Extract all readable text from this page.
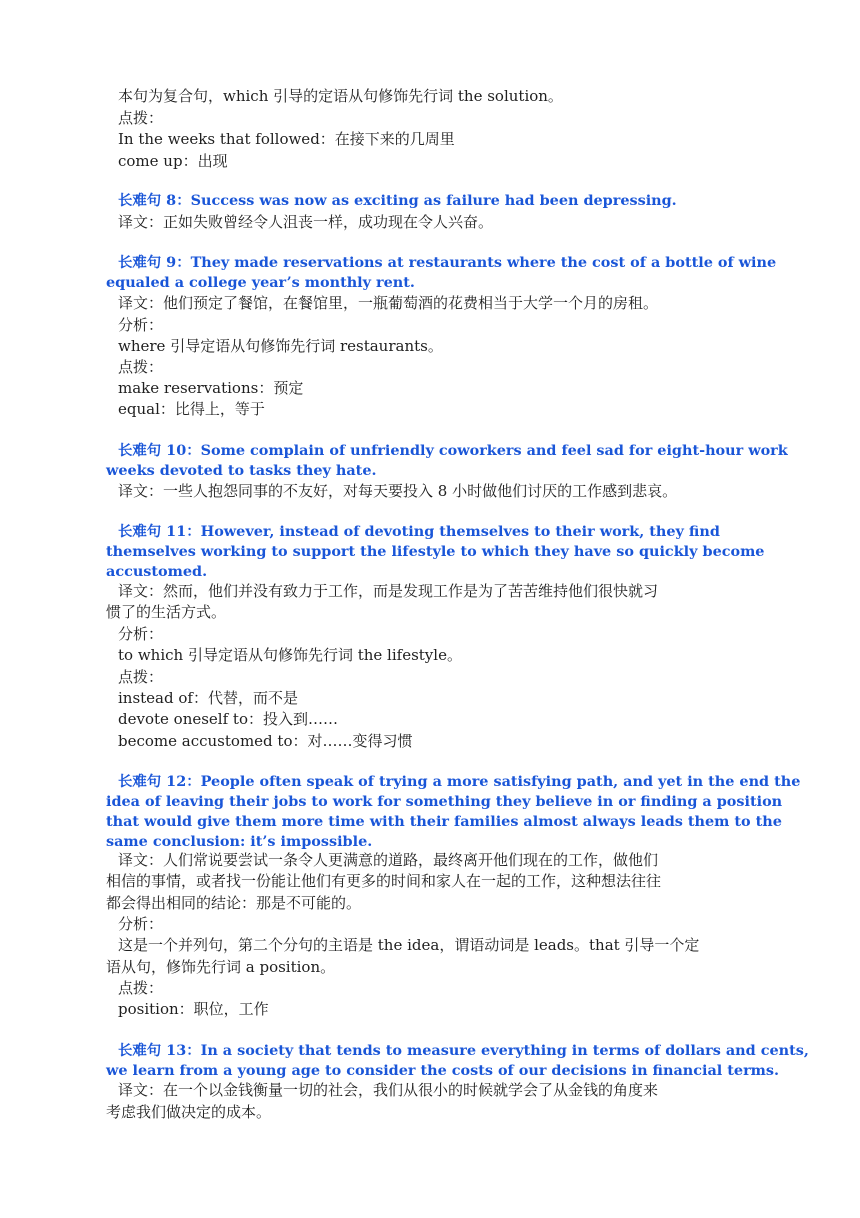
本句为复合句，which 引导的定语从句修饰先行词 the solution。
点拨：
In the weeks that followed：在接下来的几周里
come up：出现
长难句 8：Success was now as exciting as failure had been depressing.
译文：正如失败曾经令人沮丧一样，成功现在令人兴奋。
长难句 9：They made reservations at restaurants where the cost of a bottle of wine
equaled a college year’s monthly rent.
译文：他们预定了餐馆，在餐馆里，一瓶葡萄酒的花费相当于大学一个月的房租。
分析：
where 引导定语从句修饰先行词 restaurants。
点拨：
make reservations：预定
equal：比得上，等于
长难句 10：Some complain of unfriendly coworkers and feel sad for eight-hour work
weeks devoted to tasks they hate.
译文：一些人抱怨同事的不友好，对每天要投入 8 小时做他们讨厌的工作感到悲哀。
长难句 11：However, instead of devoting themselves to their work, they find
themselves working to support the lifestyle to which they have so quickly become
accustomed.
译文：然而，他们并没有致力于工作，而是发现工作是为了苦苦维持他们很快就习
惯了的生活方式。
分析：
to which 引导定语从句修饰先行词 the lifestyle。
点拨：
instead of：代替，而不是
devote oneself to：投入到……
become accustomed to：对……变得习惯
长难句 12：People often speak of trying a more satisfying path, and yet in the end the
idea of leaving their jobs to work for something they believe in or finding a position
that would give them more time with their families almost always leads them to the
same conclusion: it’s impossible.
译文：人们常说要尝试一条令人更满意的道路，最终离开他们现在的工作，做他们
相信的事情，或者找一份能让他们有更多的时间和家人在一起的工作，这种想法往往
都会得出相同的结论：那是不可能的。
分析：
这是一个并列句，第二个分句的主语是 the idea，谓语动词是 leads。that 引导一个定
语从句，修饰先行词 a position。
点拨：
position：职位，工作
长难句 13：In a society that tends to measure everything in terms of dollars and cents,
we learn from a young age to consider the costs of our decisions in financial terms.
译文：在一个以金钱衡量一切的社会，我们从很小的时候就学会了从金钱的角度来
考虑我们做决定的成本。
